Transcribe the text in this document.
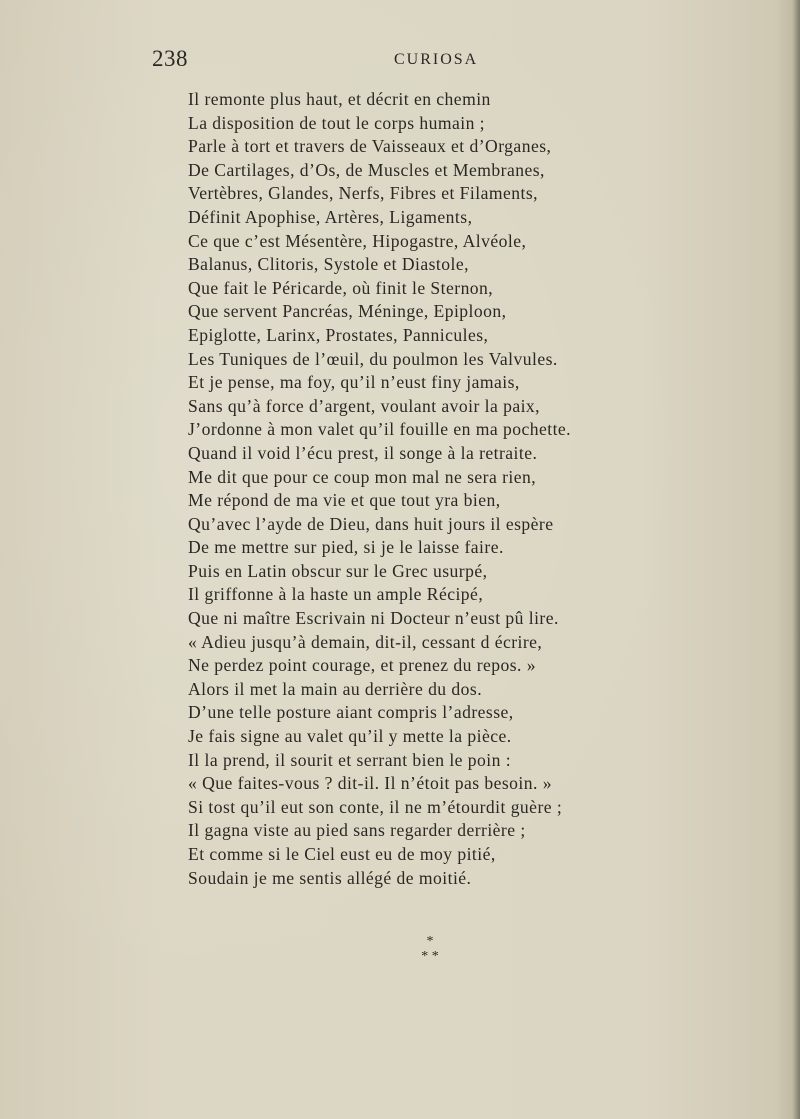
238	CURIOSA
Il remonte plus haut, et décrit en chemin
La disposition de tout le corps humain ;
Parle à tort et travers de Vaisseaux et d’Organes,
De Cartilages, d’Os, de Muscles et Membranes,
Vertèbres, Glandes, Nerfs, Fibres et Filaments,
Définit Apophise, Artères, Ligaments,
Ce que c’est Mésentère, Hipogastre, Alvéole,
Balanus, Clitoris, Systole et Diastole,
Que fait le Péricarde, où finit le Sternon,
Que servent Pancréas, Méninge, Epiploon,
Epiglotte, Larinx, Prostates, Pannicules,
Les Tuniques de l’œuil, du poulmon les Valvules.
Et je pense, ma foy, qu’il n’eust finy jamais,
Sans qu’à force d’argent, voulant avoir la paix,
J’ordonne à mon valet qu’il fouille en ma pochette.
Quand il void l’écu prest, il songe à la retraite.
Me dit que pour ce coup mon mal ne sera rien,
Me répond de ma vie et que tout yra bien,
Qu’avec l’ayde de Dieu, dans huit jours il espère
De me mettre sur pied, si je le laisse faire.
Puis en Latin obscur sur le Grec usurpé,
Il griffonne à la haste un ample Récipé,
Que ni maître Escrivain ni Docteur n’eust pû lire.
« Adieu jusqu’à demain, dit-il, cessant d écrire,
Ne perdez point courage, et prenez du repos. »
Alors il met la main au derrière du dos.
D’une telle posture aiant compris l’adresse,
Je fais signe au valet qu’il y mette la pièce.
Il la prend, il sourit et serrant bien le poin :
« Que faites-vous ? dit-il. Il n’étoit pas besoin. »
Si tost qu’il eut son conte, il ne m’étourdit guère ;
Il gagna viste au pied sans regarder derrière ;
Et comme si le Ciel eust eu de moy pitié,
Soudain je me sentis allégé de moitié.
*
* *
